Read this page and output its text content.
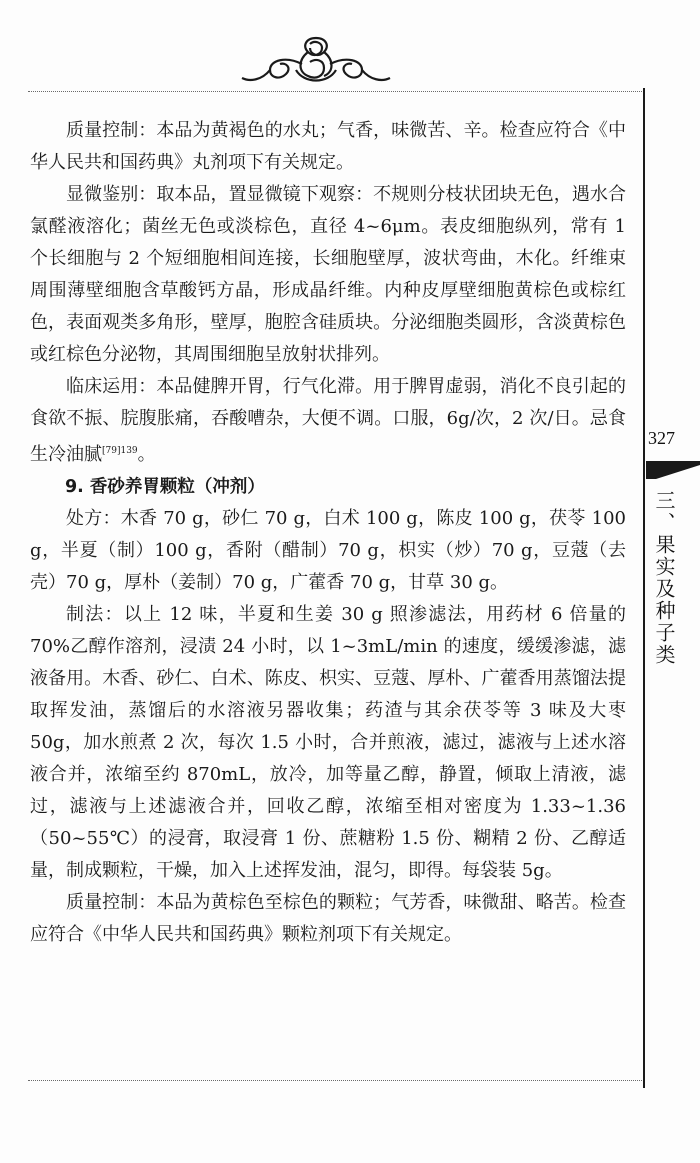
质量控制：本品为黄褐色的水丸；气香，味微苦、辛。检查应符合《中华人民共和国药典》丸剂项下有关规定。

显微鉴别：取本品，置显微镜下观察：不规则分枝状团块无色，遇水合氯醛液溶化；菌丝无色或淡棕色，直径 4~6μm。表皮细胞纵列，常有 1 个长细胞与 2 个短细胞相间连接，长细胞壁厚，波状弯曲，木化。纤维束周围薄壁细胞含草酸钙方晶，形成晶纤维。内种皮厚壁细胞黄棕色或棕红色，表面观类多角形，壁厚，胞腔含硅质块。分泌细胞类圆形，含淡黄棕色或红棕色分泌物，其周围细胞呈放射状排列。

临床运用：本品健脾开胃，行气化滞。用于脾胃虚弱，消化不良引起的食欲不振、脘腹胀痛，吞酸嘈杂，大便不调。口服，6g/次，2 次/日。忌食生冷油腻$^{[79]139}$。

9. 香砂养胃颗粒（冲剂）

处方：木香 70 g，砂仁 70 g，白术 100 g，陈皮 100 g，茯苓 100 g，半夏（制）100 g，香附（醋制）70 g，枳实（炒）70 g，豆蔻（去壳）70 g，厚朴（姜制）70 g，广藿香 70 g，甘草 30 g。

制法：以上 12 味，半夏和生姜 30 g 照渗滤法，用药材 6 倍量的 70%乙醇作溶剂，浸渍 24 小时，以 1~3mL/min 的速度，缓缓渗滤，滤液备用。木香、砂仁、白术、陈皮、枳实、豆蔻、厚朴、广藿香用蒸馏法提取挥发油，蒸馏后的水溶液另器收集；药渣与其余茯苓等 3 味及大枣 50g，加水煎煮 2 次，每次 1.5 小时，合并煎液，滤过，滤液与上述水溶液合并，浓缩至约 870mL，放冷，加等量乙醇，静置，倾取上清液，滤过，滤液与上述滤液合并，回收乙醇，浓缩至相对密度为 1.33~1.36（50~55℃）的浸膏，取浸膏 1 份、蔗糖粉 1.5 份、糊精 2 份、乙醇适量，制成颗粒，干燥，加入上述挥发油，混匀，即得。每袋装 5g。

质量控制：本品为黄棕色至棕色的颗粒；气芳香，味微甜、略苦。检查应符合《中华人民共和国药典》颗粒剂项下有关规定。

327
三、果实及种子类
